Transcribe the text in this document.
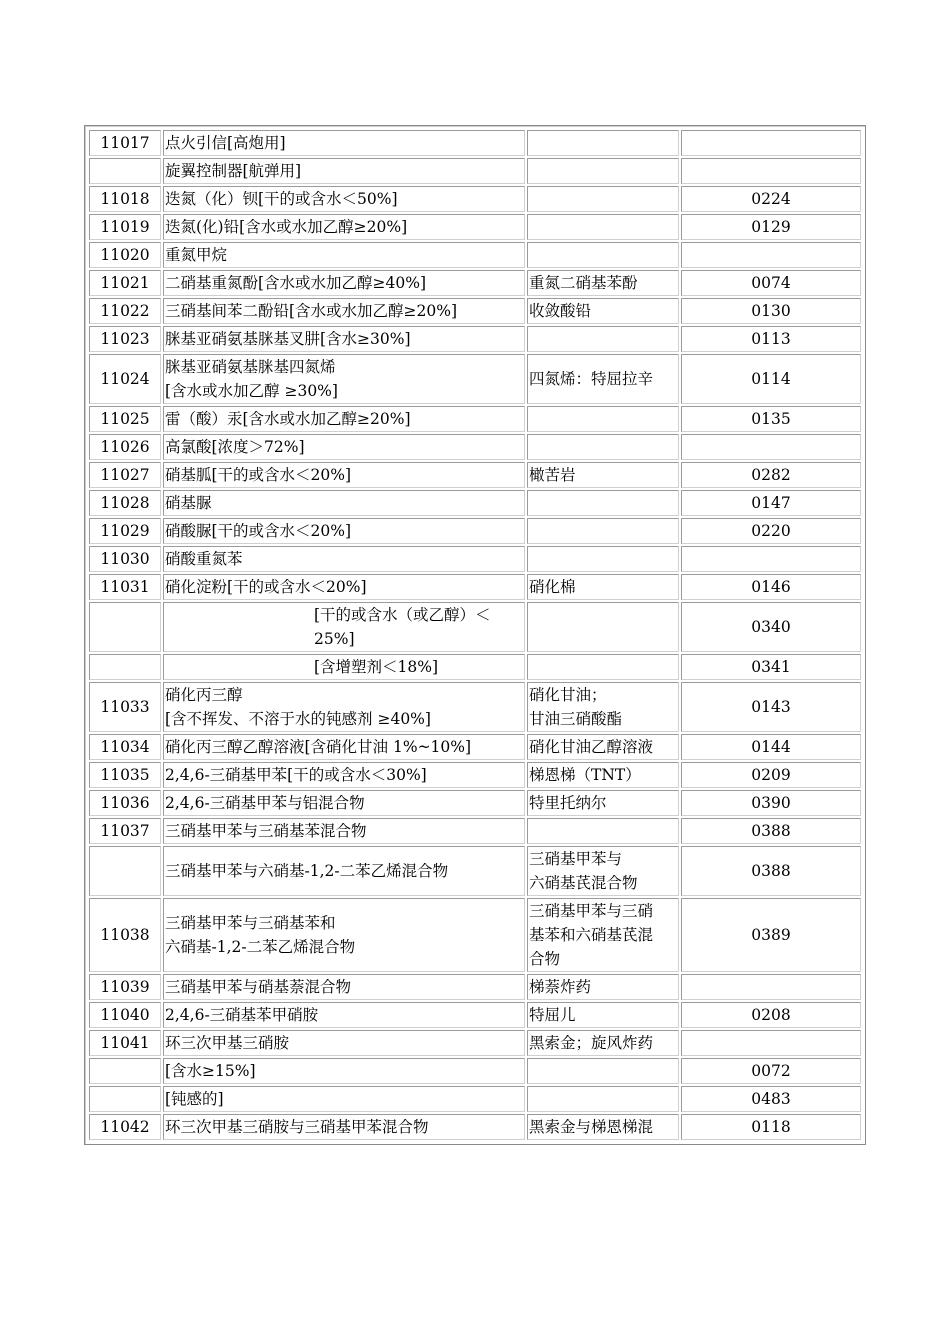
11017	点火引信[高炮用]		
	旋翼控制器[航弹用]		
11018	迭氮（化）钡[干的或含水＜50%]		0224
11019	迭氮(化)铅[含水或水加乙醇≥20%]		0129
11020	重氮甲烷		
11021	二硝基重氮酚[含水或水加乙醇≥40%]	重氮二硝基苯酚	0074
11022	三硝基间苯二酚铅[含水或水加乙醇≥20%]	收敛酸铅	0130
11023	脒基亚硝氨基脒基叉肼[含水≥30%]		0113
11024	脒基亚硝氨基脒基四氮烯
[含水或水加乙醇 ≥30%]	四氮烯：特屈拉辛	0114
11025	雷（酸）汞[含水或水加乙醇≥20%]		0135
11026	高氯酸[浓度＞72%]		
11027	硝基胍[干的或含水＜20%]	橄苦岩	0282
11028	硝基脲		0147
11029	硝酸脲[干的或含水＜20%]		0220
11030	硝酸重氮苯		
11031	硝化淀粉[干的或含水＜20%]	硝化棉	0146
	[干的或含水（或乙醇）＜
25%]		0340
	[含增塑剂＜18%]		0341
11033	硝化丙三醇
[含不挥发、不溶于水的钝感剂 ≥40%]	硝化甘油；
甘油三硝酸酯	0143
11034	硝化丙三醇乙醇溶液[含硝化甘油 1%~10%]	硝化甘油乙醇溶液	0144
11035	2,4,6-三硝基甲苯[干的或含水＜30%]	梯恩梯（TNT）	0209
11036	2,4,6-三硝基甲苯与铝混合物	特里托纳尔	0390
11037	三硝基甲苯与三硝基苯混合物		0388
	三硝基甲苯与六硝基-1,2-二苯乙烯混合物	三硝基甲苯与
六硝基芪混合物	0388
11038	三硝基甲苯与三硝基苯和
六硝基-1,2-二苯乙烯混合物	三硝基甲苯与三硝
基苯和六硝基芪混
合物	0389
11039	三硝基甲苯与硝基萘混合物	梯萘炸药	
11040	2,4,6-三硝基苯甲硝胺	特屈儿	0208
11041	环三次甲基三硝胺	黑索金；旋风炸药	
	[含水≥15%]		0072
	[钝感的]		0483
11042	环三次甲基三硝胺与三硝基甲苯混合物	黑索金与梯恩梯混	0118
